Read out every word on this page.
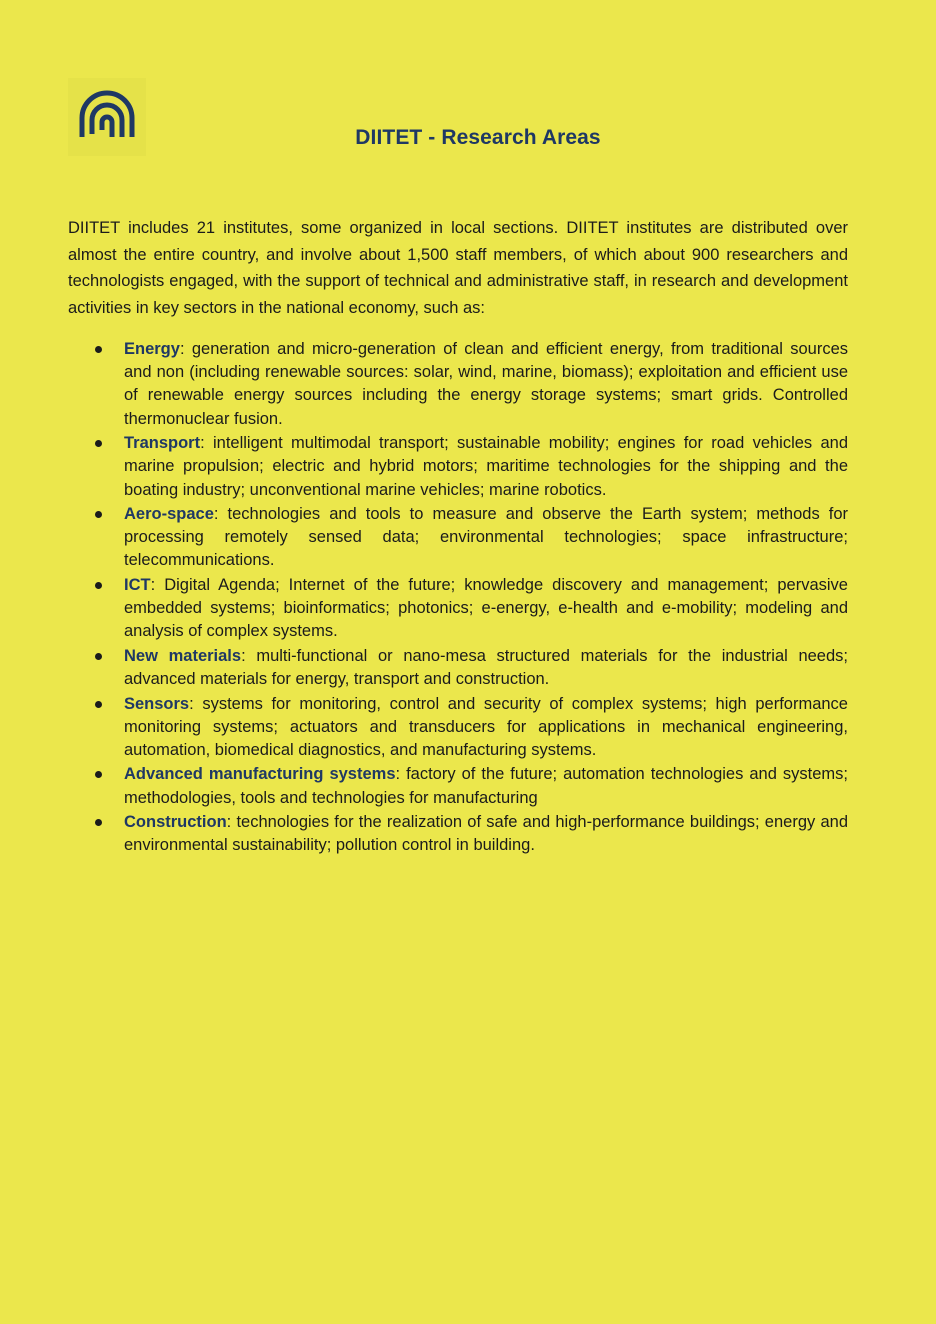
DIITET - Research Areas

DIITET includes 21 institutes, some organized in local sections. DIITET institutes are distributed over almost the entire country, and involve about 1,500 staff members, of which about 900 researchers and technologists engaged, with the support of technical and administrative staff, in research and development activities in key sectors in the national economy, such as:

Energy: generation and micro-generation of clean and efficient energy, from traditional sources and non (including renewable sources: solar, wind, marine, biomass); exploitation and efficient use of renewable energy sources including the energy storage systems; smart grids. Controlled thermonuclear fusion.
Transport: intelligent multimodal transport; sustainable mobility; engines for road vehicles and marine propulsion; electric and hybrid motors; maritime technologies for the shipping and the boating industry; unconventional marine vehicles; marine robotics.
Aero-space: technologies and tools to measure and observe the Earth system; methods for processing remotely sensed data; environmental technologies; space infrastructure; telecommunications.
ICT: Digital Agenda; Internet of the future; knowledge discovery and management; pervasive embedded systems; bioinformatics; photonics; e-energy, e-health and e-mobility; modeling and analysis of complex systems.
New materials: multi-functional or nano-mesa structured materials for the industrial needs; advanced materials for energy, transport and construction.
Sensors: systems for monitoring, control and security of complex systems; high performance monitoring systems; actuators and transducers for applications in mechanical engineering, automation, biomedical diagnostics, and manufacturing systems.
Advanced manufacturing systems: factory of the future; automation technologies and systems; methodologies, tools and technologies for manufacturing
Construction: technologies for the realization of safe and high-performance buildings; energy and environmental sustainability; pollution control in building.
